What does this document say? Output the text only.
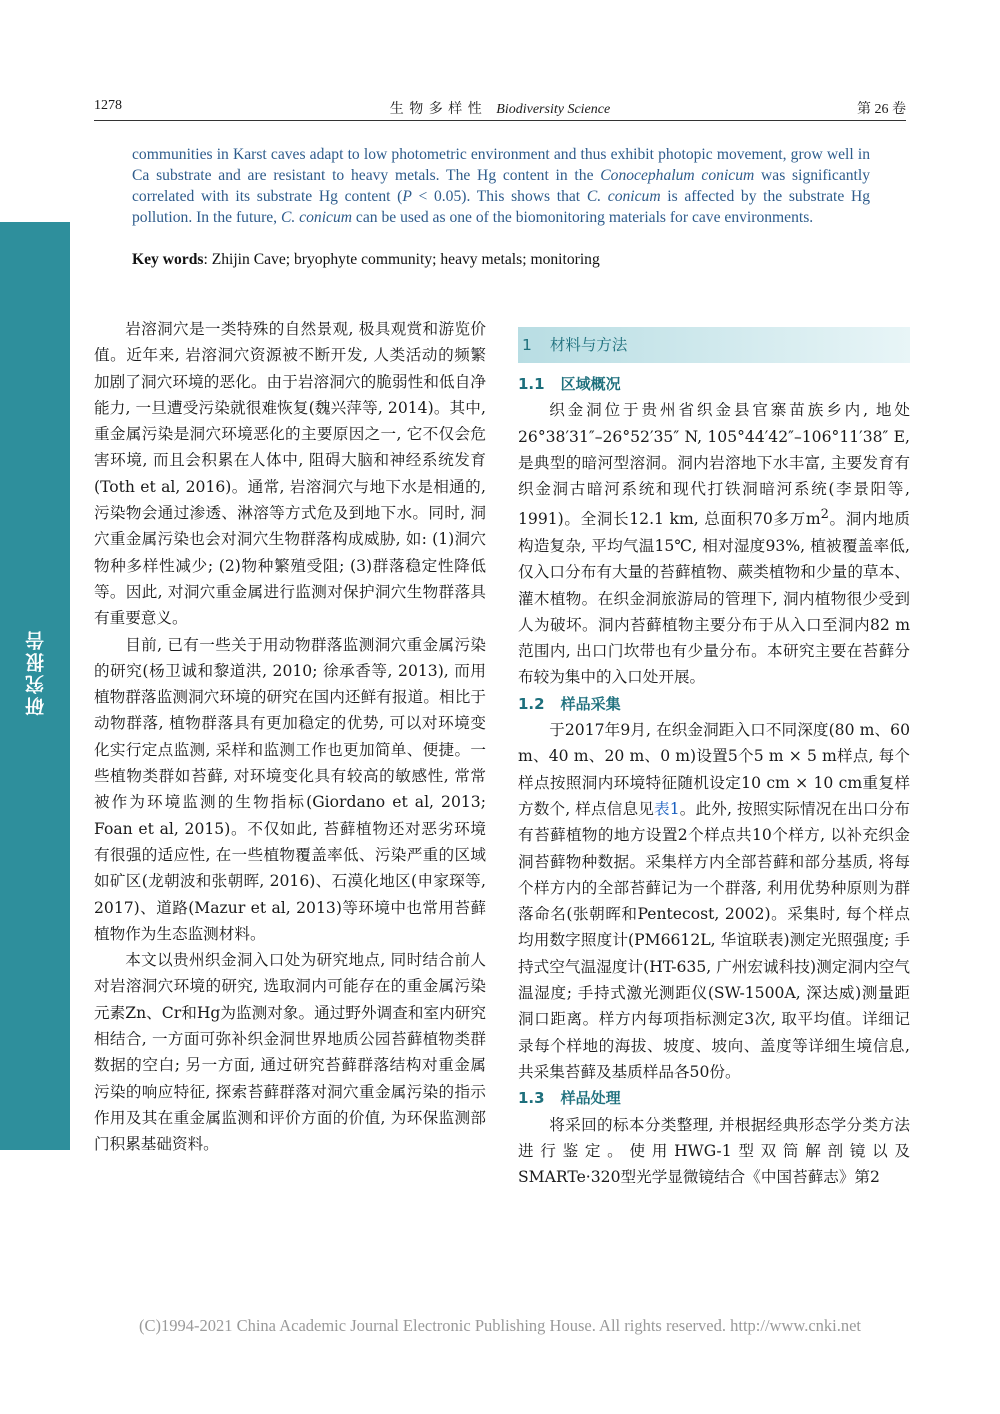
1278	生 物 多 样 性 Biodiversity Science	第 26 卷
研究报告
communities in Karst caves adapt to low photometric environment and thus exhibit photopic movement, grow well in Ca substrate and are resistant to heavy metals. The Hg content in the Conocephalum conicum was significantly correlated with its substrate Hg content (P < 0.05). This shows that C. conicum is affected by the substrate Hg pollution. In the future, C. conicum can be used as one of the biomonitoring materials for cave environments.
Key words: Zhijin Cave; bryophyte community; heavy metals; monitoring

岩溶洞穴是一类特殊的自然景观, 极具观赏和游览价值。近年来, 岩溶洞穴资源被不断开发, 人类活动的频繁加剧了洞穴环境的恶化。由于岩溶洞穴的脆弱性和低自净能力, 一旦遭受污染就很难恢复(魏兴萍等, 2014)。其中, 重金属污染是洞穴环境恶化的主要原因之一, 它不仅会危害环境, 而且会积累在人体中, 阻碍大脑和神经系统发育(Toth et al, 2016)。通常, 岩溶洞穴与地下水是相通的, 污染物会通过渗透、淋溶等方式危及到地下水。同时, 洞穴重金属污染也会对洞穴生物群落构成威胁, 如: (1)洞穴物种多样性减少; (2)物种繁殖受阻; (3)群落稳定性降低等。因此, 对洞穴重金属进行监测对保护洞穴生物群落具有重要意义。

目前, 已有一些关于用动物群落监测洞穴重金属污染的研究(杨卫诚和黎道洪, 2010; 徐承香等, 2013), 而用植物群落监测洞穴环境的研究在国内还鲜有报道。相比于动物群落, 植物群落具有更加稳定的优势, 可以对环境变化实行定点监测, 采样和监测工作也更加简单、便捷。一些植物类群如苔藓, 对环境变化具有较高的敏感性, 常常被作为环境监测的生物指标(Giordano et al, 2013; Foan et al, 2015)。不仅如此, 苔藓植物还对恶劣环境有很强的适应性, 在一些植物覆盖率低、污染严重的区域如矿区(龙朝波和张朝晖, 2016)、石漠化地区(申家琛等, 2017)、道路(Mazur et al, 2013)等环境中也常用苔藓植物作为生态监测材料。

本文以贵州织金洞入口处为研究地点, 同时结合前人对岩溶洞穴环境的研究, 选取洞内可能存在的重金属污染元素Zn、Cr和Hg为监测对象。通过野外调查和室内研究相结合, 一方面可弥补织金洞世界地质公园苔藓植物类群数据的空白; 另一方面, 通过研究苔藓群落结构对重金属污染的响应特征, 探索苔藓群落对洞穴重金属污染的指示作用及其在重金属监测和评价方面的价值, 为环保监测部门积累基础资料。

1 材料与方法
1.1 区域概况

织金洞位于贵州省织金县官寨苗族乡内, 地处26°38′31″–26°52′35″ N, 105°44′42″–106°11′38″ E, 是典型的暗河型溶洞。洞内岩溶地下水丰富, 主要发育有织金洞古暗河系统和现代打铁洞暗河系统(李景阳等, 1991)。全洞长12.1 km, 总面积70多万$m^2$。洞内地质构造复杂, 平均气温15℃, 相对湿度93%, 植被覆盖率低, 仅入口分布有大量的苔藓植物、蕨类植物和少量的草本、灌木植物。在织金洞旅游局的管理下, 洞内植物很少受到人为破坏。洞内苔藓植物主要分布于从入口至洞内82 m范围内, 出口门坎带也有少量分布。本研究主要在苔藓分布较为集中的入口处开展。

1.2 样品采集

于2017年9月, 在织金洞距入口不同深度(80 m、60 m、40 m、20 m、0 m)设置5个5 m × 5 m样点, 每个样点按照洞内环境特征随机设定10 cm × 10 cm重复样方数个, 样点信息见表1。此外, 按照实际情况在出口分布有苔藓植物的地方设置2个样点共10个样方, 以补充织金洞苔藓物种数据。采集样方内全部苔藓和部分基质, 将每个样方内的全部苔藓记为一个群落, 利用优势种原则为群落命名(张朝晖和Pentecost, 2002)。采集时, 每个样点均用数字照度计(PM6612L, 华谊联表)测定光照强度; 手持式空气温湿度计(HT-635, 广州宏诚科技)测定洞内空气温湿度; 手持式激光测距仪(SW-1500A, 深达威)测量距洞口距离。样方内每项指标测定3次, 取平均值。详细记录每个样地的海拔、坡度、坡向、盖度等详细生境信息, 共采集苔藓及基质样品各50份。

1.3 样品处理

将采回的标本分类整理, 并根据经典形态学分类方法进行鉴定。使用HWG-1型双筒解剖镜以及SMARTe·320型光学显微镜结合《中国苔藓志》第2

(C)1994-2021 China Academic Journal Electronic Publishing House. All rights reserved. http://www.cnki.net
